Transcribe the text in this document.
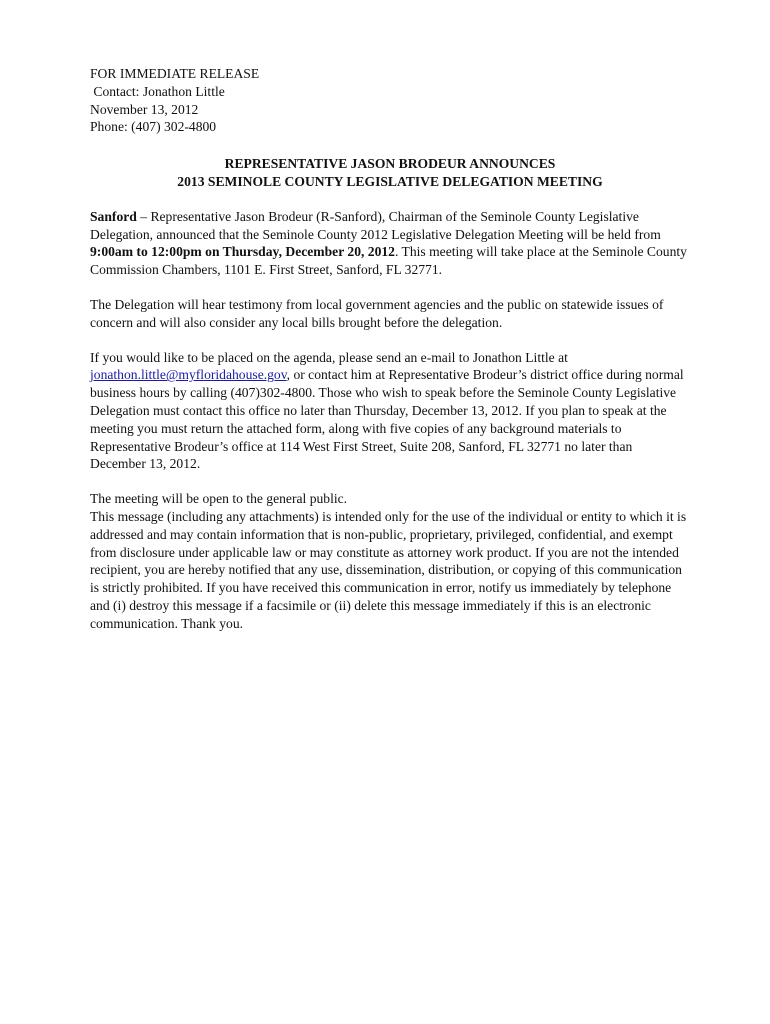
FOR IMMEDIATE RELEASE
Contact: Jonathon Little
November 13, 2012
Phone: (407) 302-4800
REPRESENTATIVE JASON BRODEUR ANNOUNCES
2013 SEMINOLE COUNTY LEGISLATIVE DELEGATION MEETING

Sanford – Representative Jason Brodeur (R-Sanford), Chairman of the Seminole County Legislative Delegation, announced that the Seminole County 2012 Legislative Delegation Meeting will be held from 9:00am to 12:00pm on Thursday, December 20, 2012. This meeting will take place at the Seminole County Commission Chambers, 1101 E. First Street, Sanford, FL 32771.

The Delegation will hear testimony from local government agencies and the public on statewide issues of concern and will also consider any local bills brought before the delegation.

If you would like to be placed on the agenda, please send an e-mail to Jonathon Little at jonathon.little@myfloridahouse.gov, or contact him at Representative Brodeur’s district office during normal business hours by calling (407)302-4800. Those who wish to speak before the Seminole County Legislative Delegation must contact this office no later than Thursday, December 13, 2012. If you plan to speak at the meeting you must return the attached form, along with five copies of any background materials to Representative Brodeur’s office at 114 West First Street, Suite 208, Sanford, FL 32771 no later than December 13, 2012.

The meeting will be open to the general public.

This message (including any attachments) is intended only for the use of the individual or entity to which it is addressed and may contain information that is non-public, proprietary, privileged, confidential, and exempt from disclosure under applicable law or may constitute as attorney work product. If you are not the intended recipient, you are hereby notified that any use, dissemination, distribution, or copying of this communication is strictly prohibited. If you have received this communication in error, notify us immediately by telephone and (i) destroy this message if a facsimile or (ii) delete this message immediately if this is an electronic communication. Thank you.
